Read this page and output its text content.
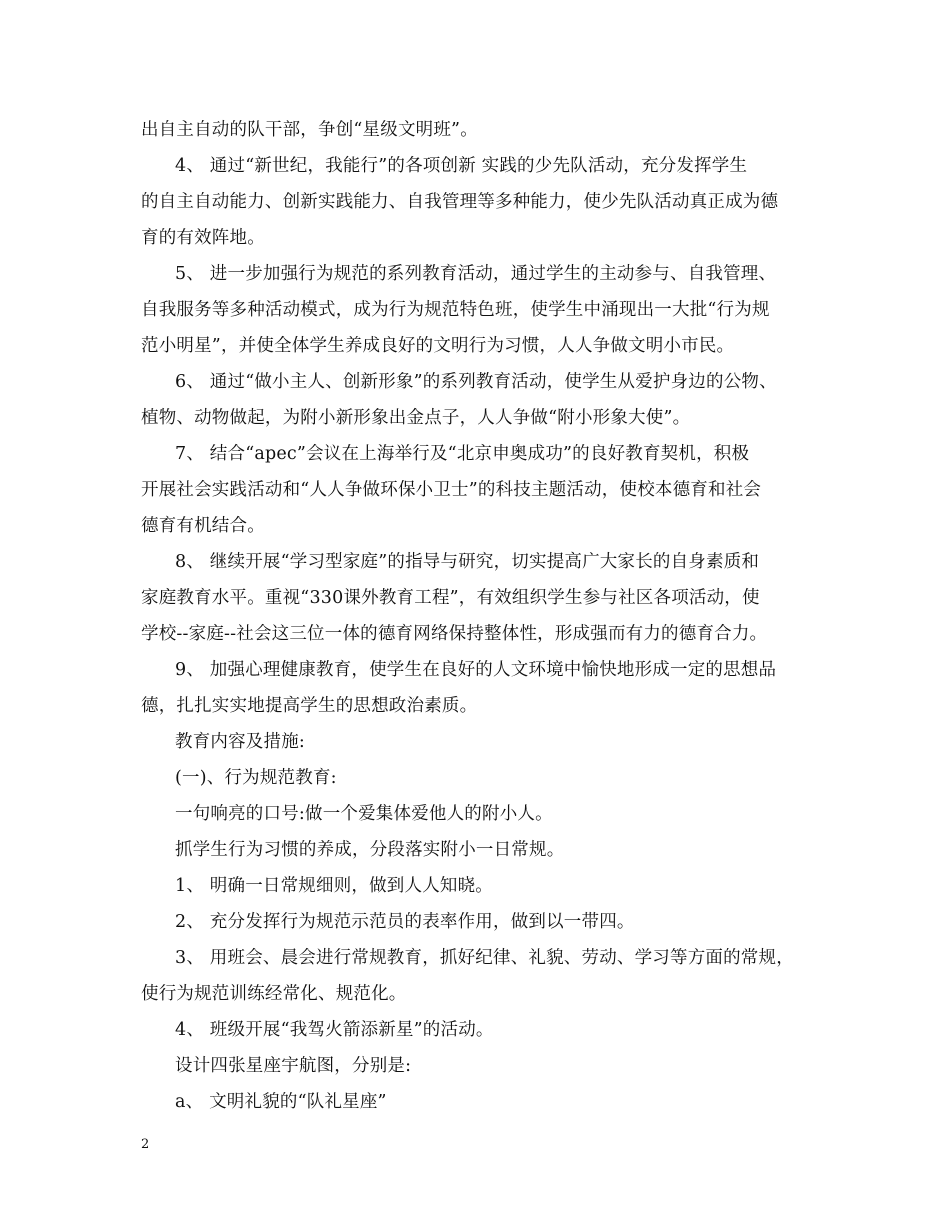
出自主自动的队干部，争创“星级文明班”。
4、 通过“新世纪，我能行”的各项创新 实践的少先队活动，充分发挥学生
的自主自动能力、创新实践能力、自我管理等多种能力，使少先队活动真正成为德
育的有效阵地。
5、 进一步加强行为规范的系列教育活动，通过学生的主动参与、自我管理、
自我服务等多种活动模式，成为行为规范特色班，使学生中涌现出一大批“行为规
范小明星”，并使全体学生养成良好的文明行为习惯，人人争做文明小市民。
6、 通过“做小主人、创新形象”的系列教育活动，使学生从爱护身边的公物、
植物、动物做起，为附小新形象出金点子，人人争做“附小形象大使”。
7、 结合“apec”会议在上海举行及“北京申奥成功”的良好教育契机，积极
开展社会实践活动和“人人争做环保小卫士”的科技主题活动，使校本德育和社会
德育有机结合。
8、 继续开展“学习型家庭”的指导与研究，切实提高广大家长的自身素质和
家庭教育水平。重视“330课外教育工程”，有效组织学生参与社区各项活动，使
学校--家庭--社会这三位一体的德育网络保持整体性，形成强而有力的德育合力。
9、 加强心理健康教育，使学生在良好的人文环境中愉快地形成一定的思想品
德，扎扎实实地提高学生的思想政治素质。
教育内容及措施:
(一)、行为规范教育:
一句响亮的口号:做一个爱集体爱他人的附小人。
抓学生行为习惯的养成，分段落实附小一日常规。
1、 明确一日常规细则，做到人人知晓。
2、 充分发挥行为规范示范员的表率作用，做到以一带四。
3、 用班会、晨会进行常规教育，抓好纪律、礼貌、劳动、学习等方面的常规，
使行为规范训练经常化、规范化。
4、 班级开展“我驾火箭添新星”的活动。
设计四张星座宇航图，分别是:
a、 文明礼貌的“队礼星座”
2
